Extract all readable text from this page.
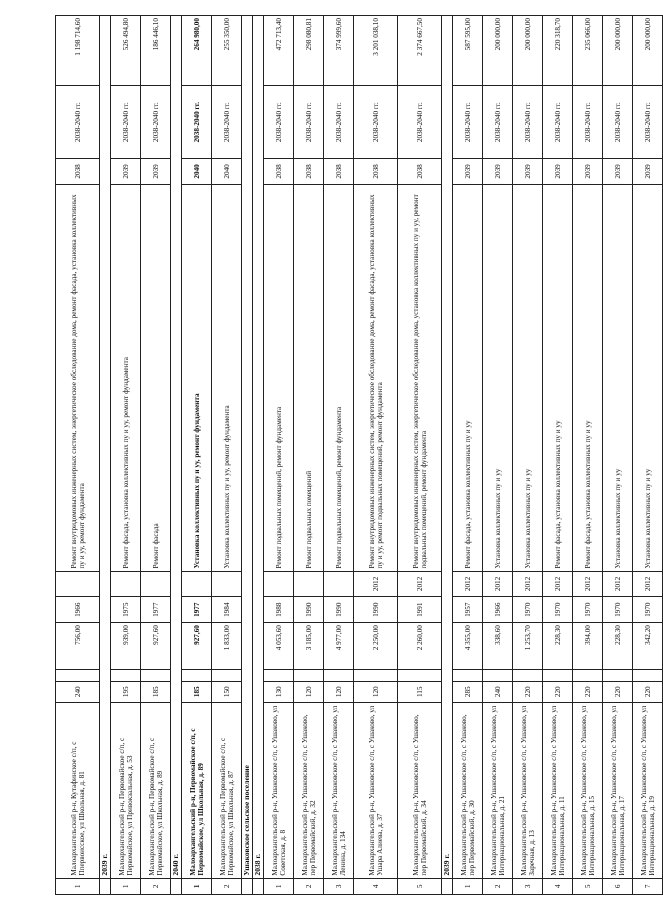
1	Малоархангельский р-н, Кутафинское с/п, с Ппервоисское, ул Школьная, д. 81	240		756,00	1966		Ремонт внутридомовых инженерных систем, энергетическое обследование дома, ремонт фасада, установка коллективных пу и уу, ремонт фундамента	2038	2038-2040 гг.	1 198 714,60
	2039 г.									
1	Малоархангельский р-н, Первомайское с/п, с Первомайское, ул Привокзальная, д. 53	195		939,00	1975		Ремонт фасада, установка коллективных пу и уу, ремонт фундамента	2039	2038-2040 гг.	526 494,80
2	Малоархангельский р-н, Первомайское с/п, с Первомайское, ул Школьная, д. 89	185		927,60	1977		Ремонт фасада	2039	2038-2040 гг.	186 446,10
	2040 г.									
1	Малоархангельский р-н, Первомайское с/п, с Первомайское, ул Школьная, д. 89	185		927,60	1977		Установка коллективных пу и уу, ремонт фундамента	2040	2038-2040 гг.	264 980,00
2	Малоархангельский р-н, Первомайское с/п, с Первомайское, ул Школьная, д. 87	150		1 833,00	1984		Установка коллективных пу и уу, ремонт фундамента	2040	2038-2040 гг.	255 350,00
	Ушаковское сельское поселение									
	2038 г.									
1	Малоархангельский р-н, Ушаковское с/п, с Ушаково, ул Советская, д. 8	130		4 053,60	1988		Ремонт подвальных помещений, ремонт фундамента	2038	2038-2040 гг.	472 713,40
2	Малоархангельский р-н, Ушаковское с/п, с Ушаково, пер Первомайский, д. 32	120		3 185,00	1990		Ремонт подвальных помещений	2038	2038-2040 гг.	298 080,81
3	Малоархангельский р-н, Ушаковское с/п, с Ушаково, ул Ленина, д. 134	120		4 977,00	1990		Ремонт подвальных помещений, ремонт фундамента	2038	2038-2040 гг.	374 999,60
4	Малоархангельский р-н, Ушаковское с/п, с Ушаково, ул Ушара Алиева, д. 37	120		2 250,00	1990	2012	Ремонт внутридомовых инженерных систем, энергетическое обследование дома, ремонт фасада, установка коллективных пу и уу, ремонт подвальных помещений, ремонт фундамента	2038	2038-2040 гг.	3 201 038,10
5	Малоархангельский р-н, Ушаковское с/п, с Ушаково, пер Первомайский, д. 34	115		2 260,00	1991	2012	Ремонт внутридомовых инженерных систем, энергетическое обследование дома, установка коллективных пу и уу, ремонт подвальных помещений, ремонт фундамента	2038	2038-2040 гг.	2 374 667,50
	2039 г.									
1	Малоархангельский р-н, Ушаковское с/п, с Ушаково, пер Первомайский, д. 30	285		4 355,00	1957	2012	Ремонт фасада, установка коллективных пу и уу	2039	2038-2040 гг.	587 595,00
2	Малоархангельский р-н, Ушаковское с/п, с Ушаково, ул Интернациональная, д. 21	240		338,60	1966	2012	Установка коллективных пу и уу	2039	2038-2040 гг.	200 000,00
3	Малоархангельский р-н, Ушаковское с/п, с Ушаково, ул Заречная, д. 13	220		1 253,70	1970	2012	Установка коллективных пу и уу	2039	2038-2040 гг.	200 000,00
4	Малоархангельский р-н, Ушаковское с/п, с Ушаково, ул Интернациональная, д. 11	220		228,30	1970	2012	Ремонт фасада, установка коллективных пу и уу	2039	2038-2040 гг.	220 318,70
5	Малоархангельский р-н, Ушаковское с/п, с Ушаково, ул Интернациональная, д. 15	220		394,00	1970	2012	Ремонт фасада, установка коллективных пу и уу	2039	2038-2040 гг.	235 066,00
6	Малоархангельский р-н, Ушаковское с/п, с Ушаково, ул Интернациональная, д. 17	220		228,30	1970	2012	Установка коллективных пу и уу	2039	2038-2040 гг.	200 000,00
7	Малоархангельский р-н, Ушаковское с/п, с Ушаково, ул Интернациональная, д. 19	220		342,20	1970	2012	Установка коллективных пу и уу	2039	2038-2040 гг.	200 000,00
